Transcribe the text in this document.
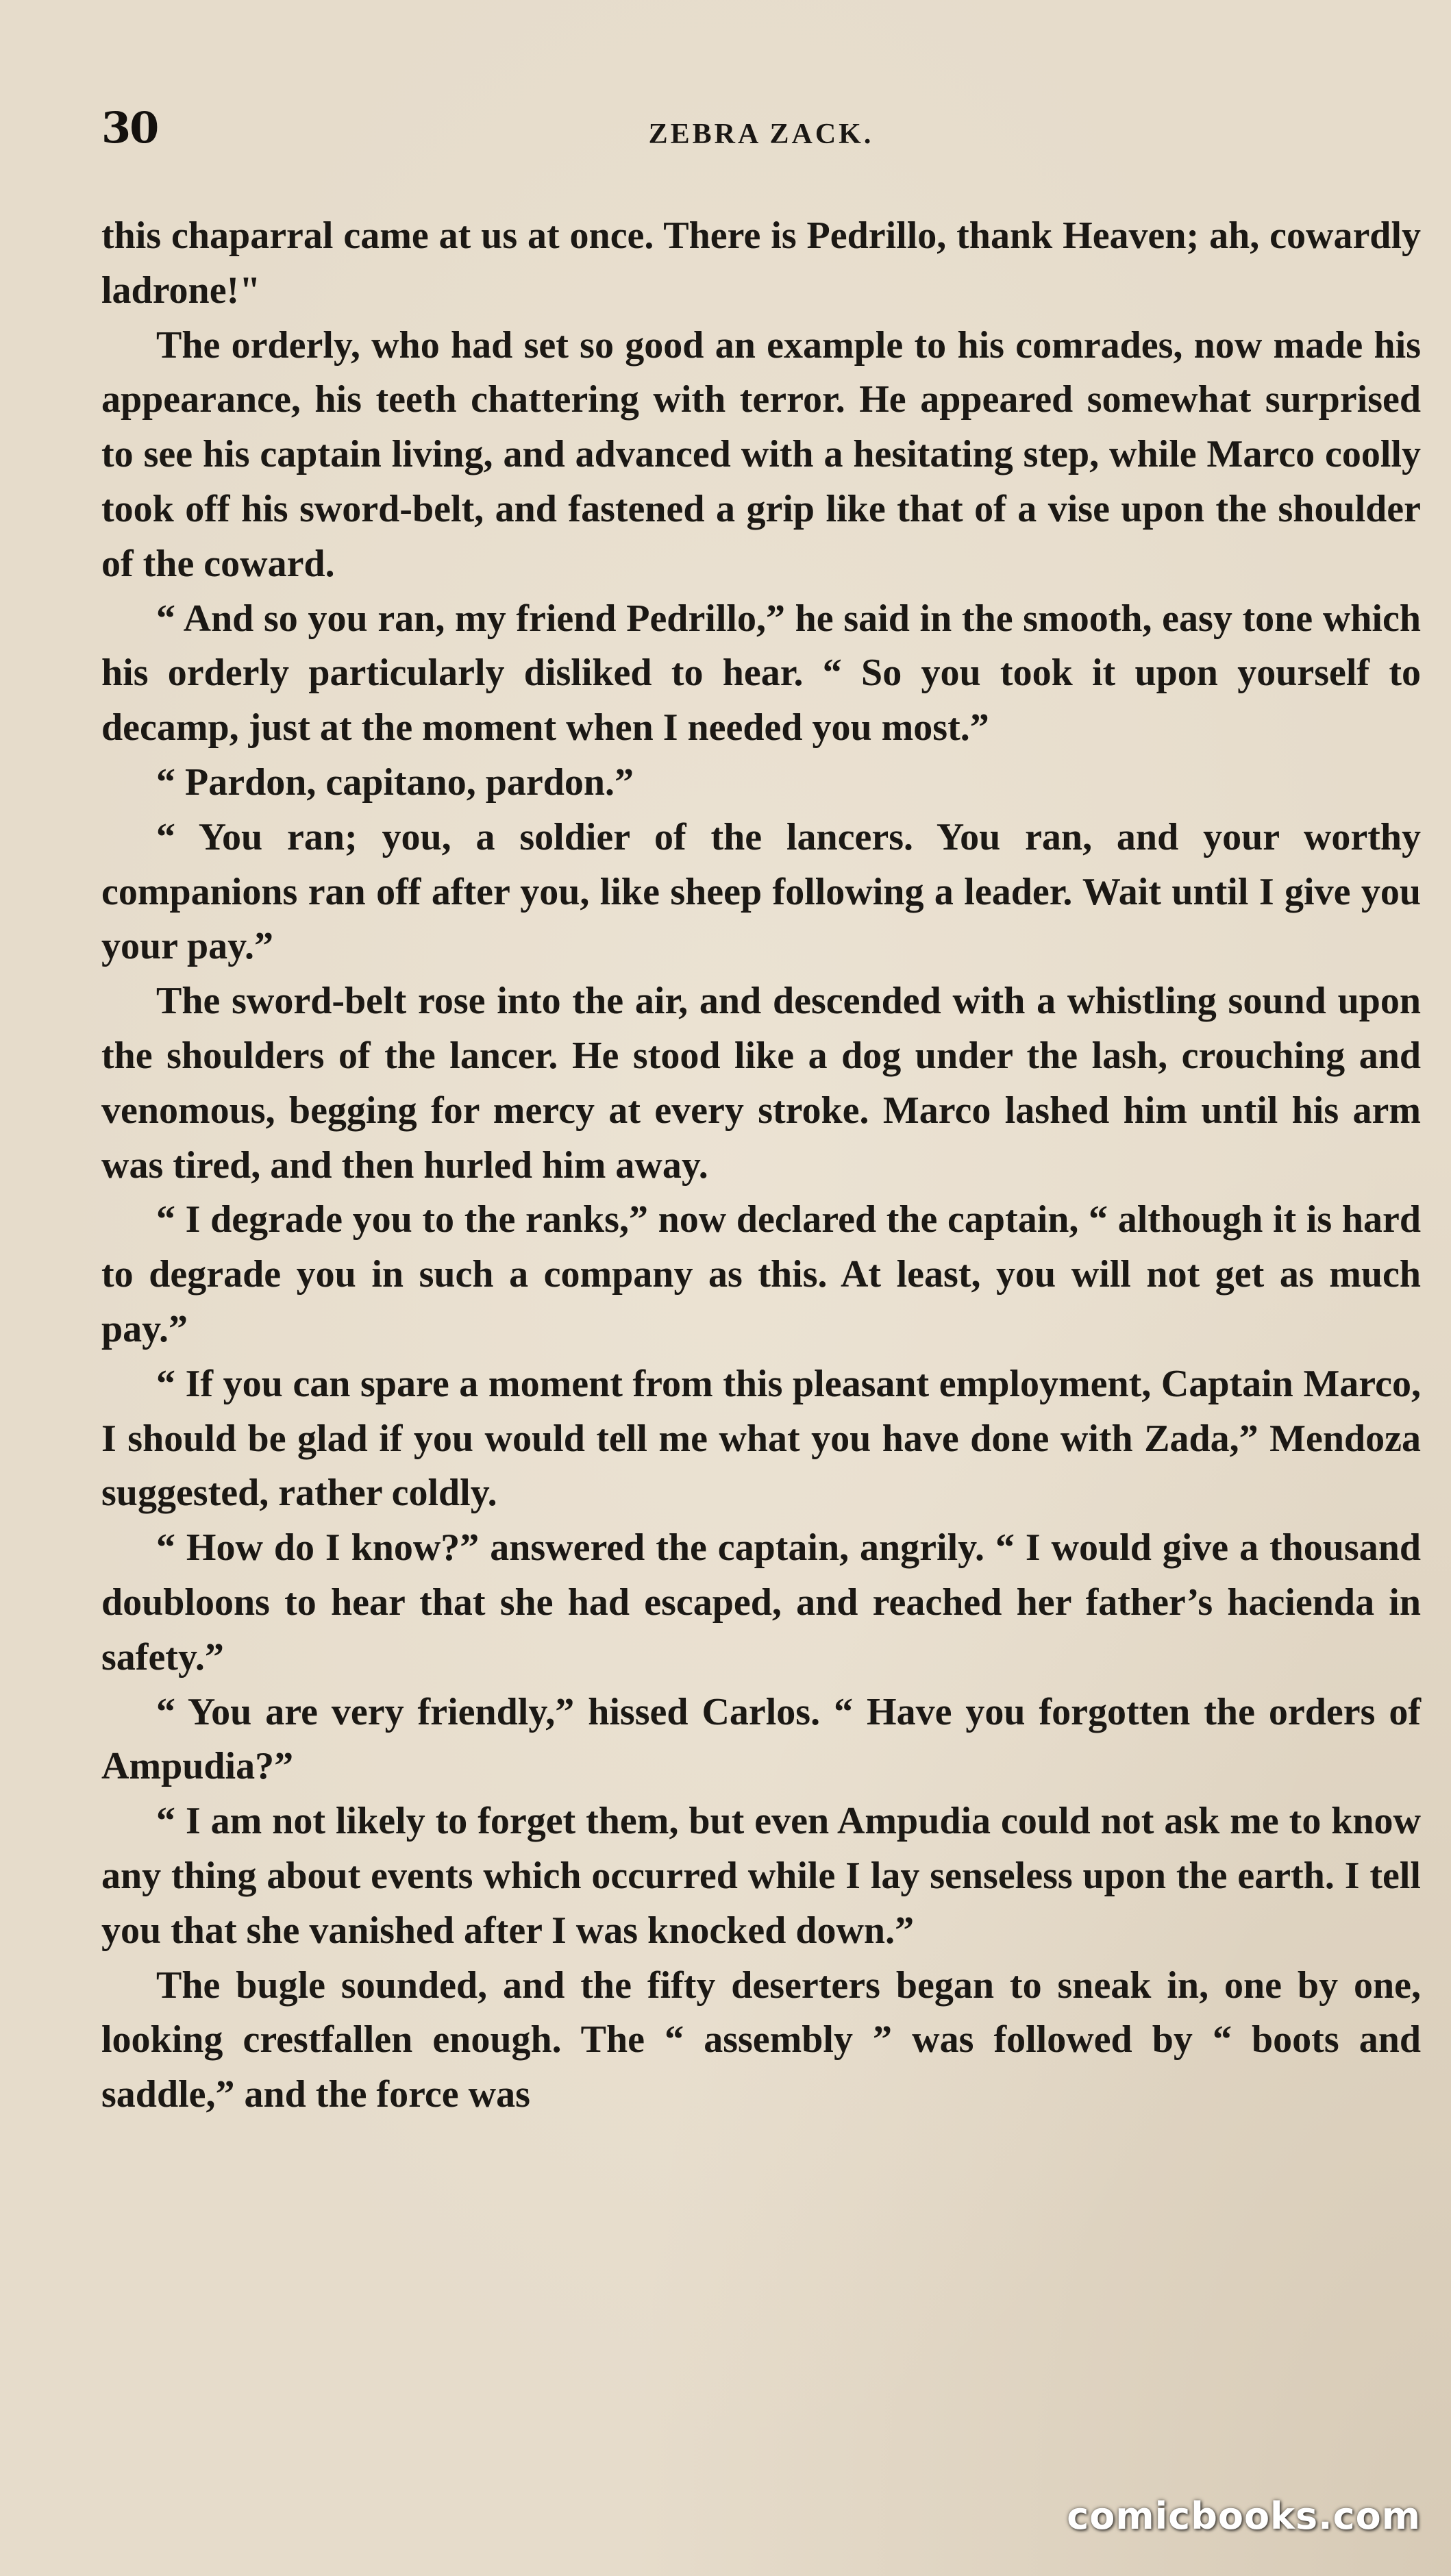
30	ZEBRA ZACK.

this chaparral came at us at once. There is Pedrillo, thank Heaven; ah, cowardly ladrone!"

The orderly, who had set so good an example to his comrades, now made his appearance, his teeth chattering with terror. He appeared somewhat surprised to see his captain living, and advanced with a hesitating step, while Marco coolly took off his sword-belt, and fastened a grip like that of a vise upon the shoulder of the coward.

“ And so you ran, my friend Pedrillo,” he said in the smooth, easy tone which his orderly particularly disliked to hear. “ So you took it upon yourself to decamp, just at the moment when I needed you most.”

“ Pardon, capitano, pardon.”

“ You ran; you, a soldier of the lancers. You ran, and your worthy companions ran off after you, like sheep following a leader. Wait until I give you your pay.”

The sword-belt rose into the air, and descended with a whistling sound upon the shoulders of the lancer. He stood like a dog under the lash, crouching and venomous, begging for mercy at every stroke. Marco lashed him until his arm was tired, and then hurled him away.

“ I degrade you to the ranks,” now declared the captain, “ although it is hard to degrade you in such a company as this. At least, you will not get as much pay.”

“ If you can spare a moment from this pleasant employment, Captain Marco, I should be glad if you would tell me what you have done with Zada,” Mendoza suggested, rather coldly.

“ How do I know?” answered the captain, angrily. “ I would give a thousand doubloons to hear that she had escaped, and reached her father’s hacienda in safety.”

“ You are very friendly,” hissed Carlos. “ Have you forgotten the orders of Ampudia?”

“ I am not likely to forget them, but even Ampudia could not ask me to know any thing about events which occurred while I lay senseless upon the earth. I tell you that she vanished after I was knocked down.”

The bugle sounded, and the fifty deserters began to sneak in, one by one, looking crestfallen enough. The “ assembly ” was followed by “ boots and saddle,” and the force was

comicbooks.com
